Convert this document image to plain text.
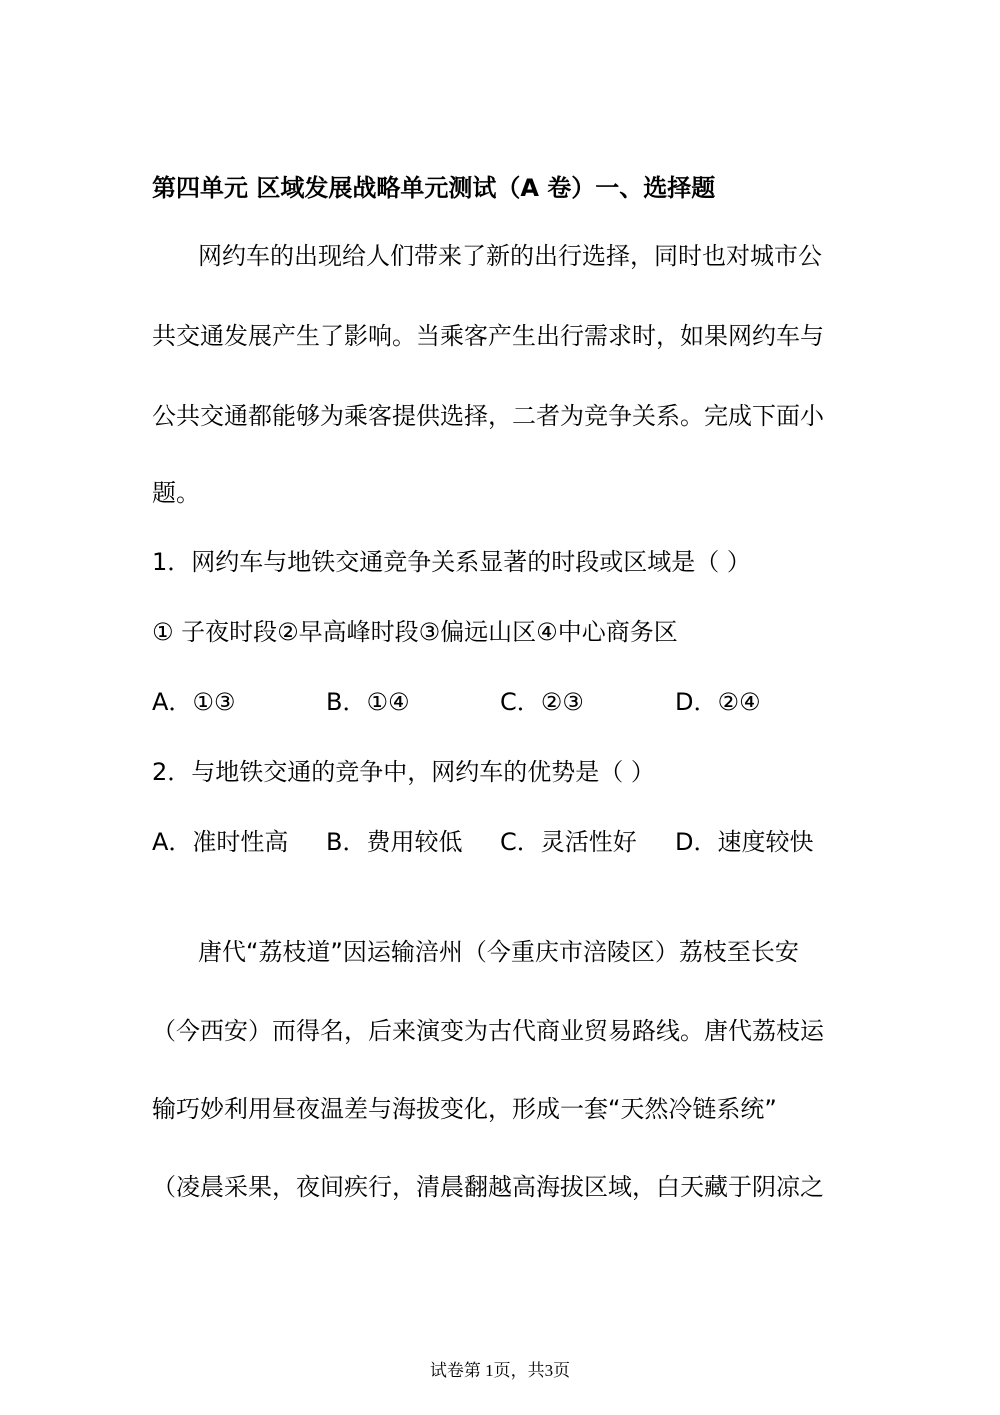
第四单元 区域发展战略单元测试（A 卷）一、选择题
网约车的出现给人们带来了新的出行选择，同时也对城市公
共交通发展产生了影响。当乘客产生出行需求时，如果网约车与
公共交通都能够为乘客提供选择，二者为竞争关系。完成下面小
题。
1．网约车与地铁交通竞争关系显著的时段或区域是（ ）
① 子夜时段②早高峰时段③偏远山区④中心商务区
A．①③	B．①④	C．②③	D．②④
2．与地铁交通的竞争中，网约车的优势是（ ）
A．准时性高 B．费用较低 C．灵活性好 D．速度较快
唐代“荔枝道”因运输涪州（今重庆市涪陵区）荔枝至长安
（今西安）而得名，后来演变为古代商业贸易路线。唐代荔枝运
输巧妙利用昼夜温差与海拔变化，形成一套“天然冷链系统”
（凌晨采果，夜间疾行，清晨翻越高海拔区域，白天藏于阴凉之
试卷第 1页，共3页
